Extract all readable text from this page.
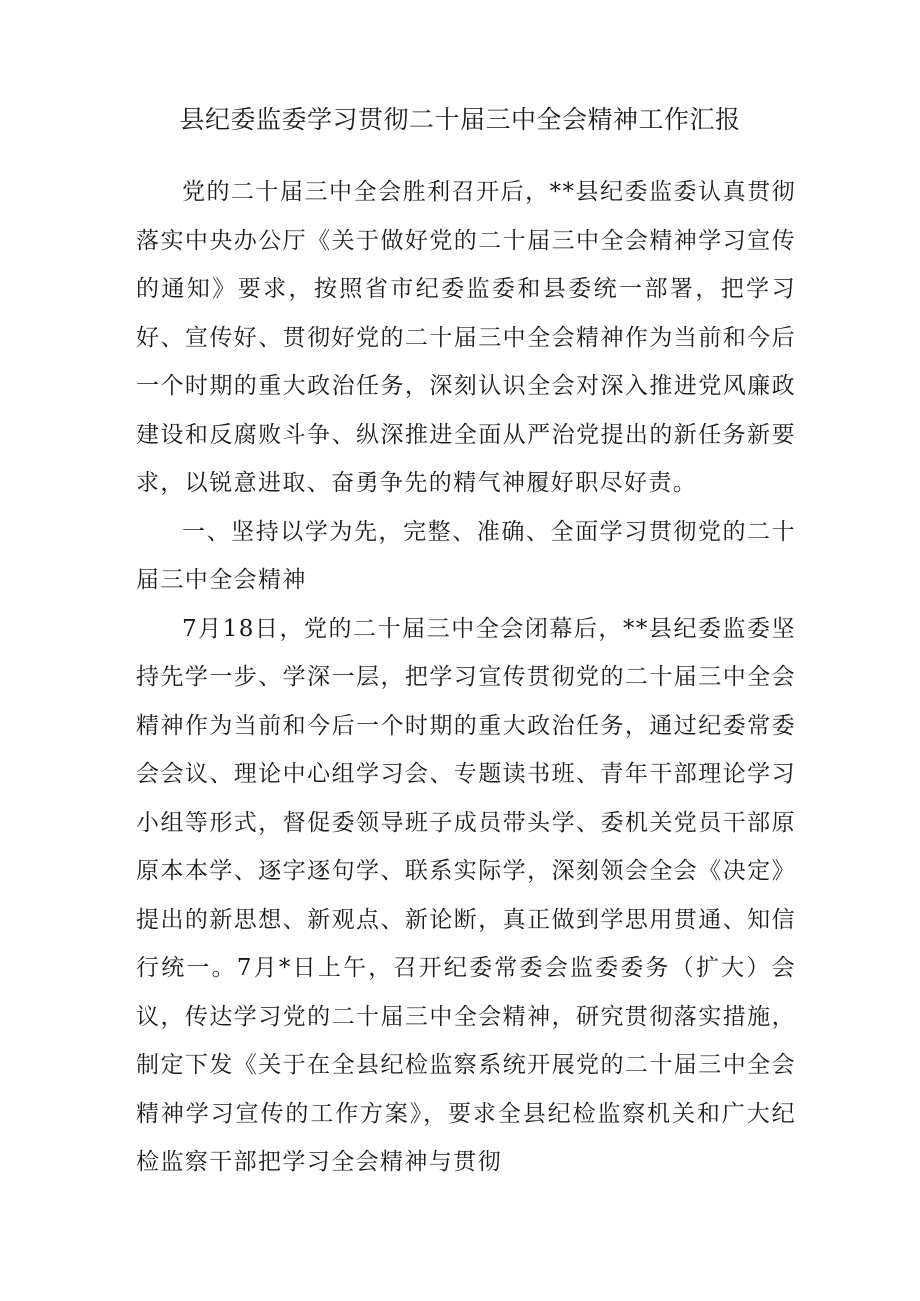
县纪委监委学习贯彻二十届三中全会精神工作汇报

党的二十届三中全会胜利召开后，**县纪委监委认真贯彻落实中央办公厅《关于做好党的二十届三中全会精神学习宣传的通知》要求，按照省市纪委监委和县委统一部署，把学习好、宣传好、贯彻好党的二十届三中全会精神作为当前和今后一个时期的重大政治任务，深刻认识全会对深入推进党风廉政建设和反腐败斗争、纵深推进全面从严治党提出的新任务新要求，以锐意进取、奋勇争先的精气神履好职尽好责。

一、坚持以学为先，完整、准确、全面学习贯彻党的二十届三中全会精神

7月18日，党的二十届三中全会闭幕后，**县纪委监委坚持先学一步、学深一层，把学习宣传贯彻党的二十届三中全会精神作为当前和今后一个时期的重大政治任务，通过纪委常委会会议、理论中心组学习会、专题读书班、青年干部理论学习小组等形式，督促委领导班子成员带头学、委机关党员干部原原本本学、逐字逐句学、联系实际学，深刻领会全会《决定》提出的新思想、新观点、新论断，真正做到学思用贯通、知信行统一。7月*日上午，召开纪委常委会监委委务（扩大）会议，传达学习党的二十届三中全会精神，研究贯彻落实措施，制定下发《关于在全县纪检监察系统开展党的二十届三中全会精神学习宣传的工作方案》，要求全县纪检监察机关和广大纪检监察干部把学习全会精神与贯彻
